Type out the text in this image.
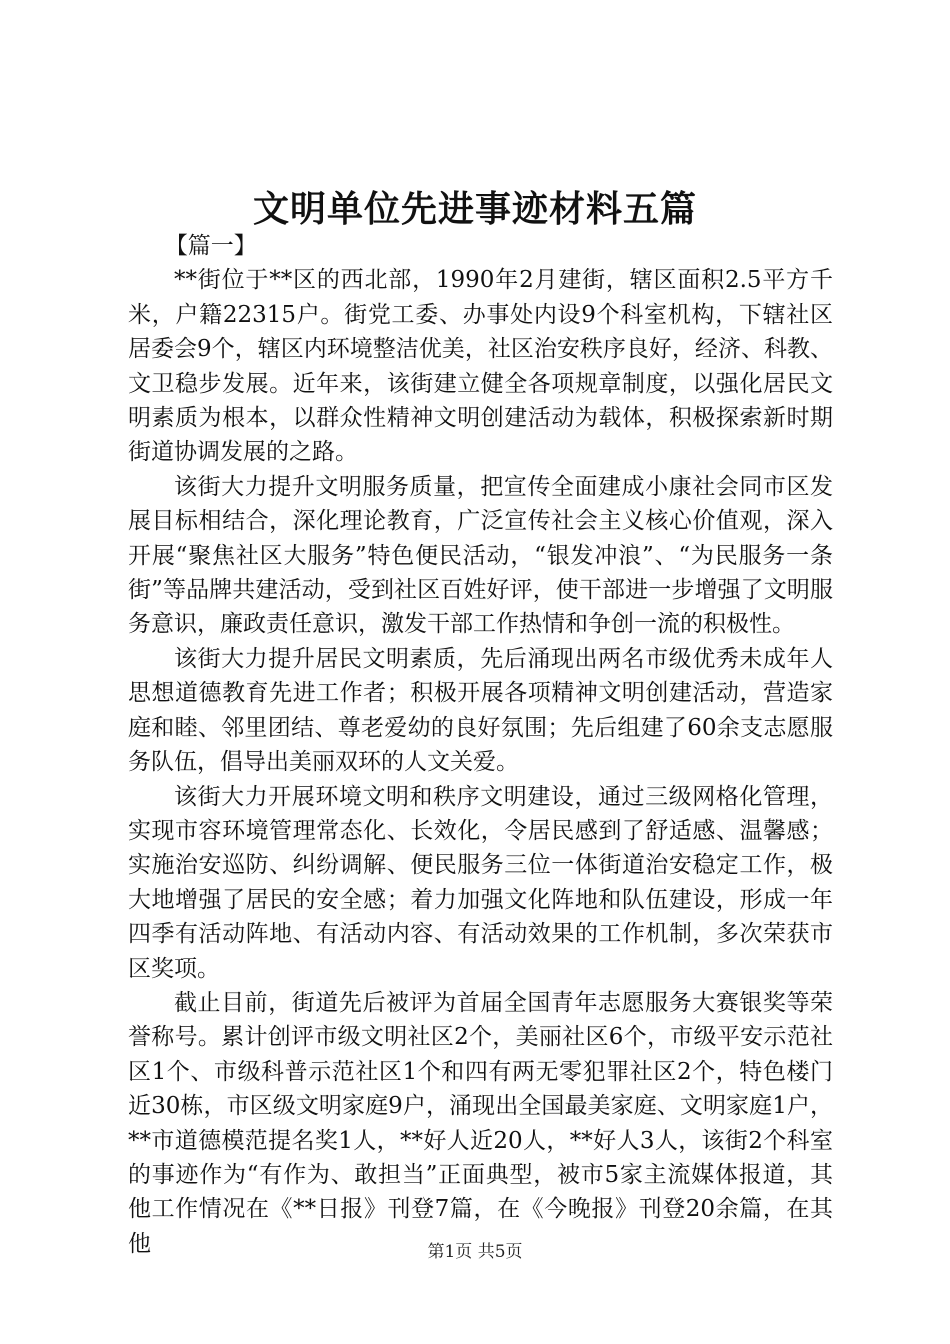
文明单位先进事迹材料五篇

【篇一】

**街位于**区的西北部，1990年2月建街，辖区面积2.5平方千米，户籍22315户。街党工委、办事处内设9个科室机构，下辖社区居委会9个，辖区内环境整洁优美，社区治安秩序良好，经济、科教、文卫稳步发展。近年来，该街建立健全各项规章制度，以强化居民文明素质为根本，以群众性精神文明创建活动为载体，积极探索新时期街道协调发展的之路。

该街大力提升文明服务质量，把宣传全面建成小康社会同市区发展目标相结合，深化理论教育，广泛宣传社会主义核心价值观，深入开展“聚焦社区大服务”特色便民活动，“银发冲浪”、“为民服务一条街”等品牌共建活动，受到社区百姓好评，使干部进一步增强了文明服务意识，廉政责任意识，激发干部工作热情和争创一流的积极性。

该街大力提升居民文明素质，先后涌现出两名市级优秀未成年人思想道德教育先进工作者；积极开展各项精神文明创建活动，营造家庭和睦、邻里团结、尊老爱幼的良好氛围；先后组建了60余支志愿服务队伍，倡导出美丽双环的人文关爱。

该街大力开展环境文明和秩序文明建设，通过三级网格化管理，实现市容环境管理常态化、长效化，令居民感到了舒适感、温馨感；实施治安巡防、纠纷调解、便民服务三位一体街道治安稳定工作，极大地增强了居民的安全感；着力加强文化阵地和队伍建设，形成一年四季有活动阵地、有活动内容、有活动效果的工作机制，多次荣获市区奖项。

截止目前，街道先后被评为首届全国青年志愿服务大赛银奖等荣誉称号。累计创评市级文明社区2个，美丽社区6个，市级平安示范社区1个、市级科普示范社区1个和四有两无零犯罪社区2个，特色楼门近30栋，市区级文明家庭9户，涌现出全国最美家庭、文明家庭1户，**市道德模范提名奖1人，**好人近20人，**好人3人，该街2个科室的事迹作为“有作为、敢担当”正面典型，被市5家主流媒体报道，其他工作情况在《**日报》刊登7篇，在《今晚报》刊登20余篇，在其他	第1页 共5页
